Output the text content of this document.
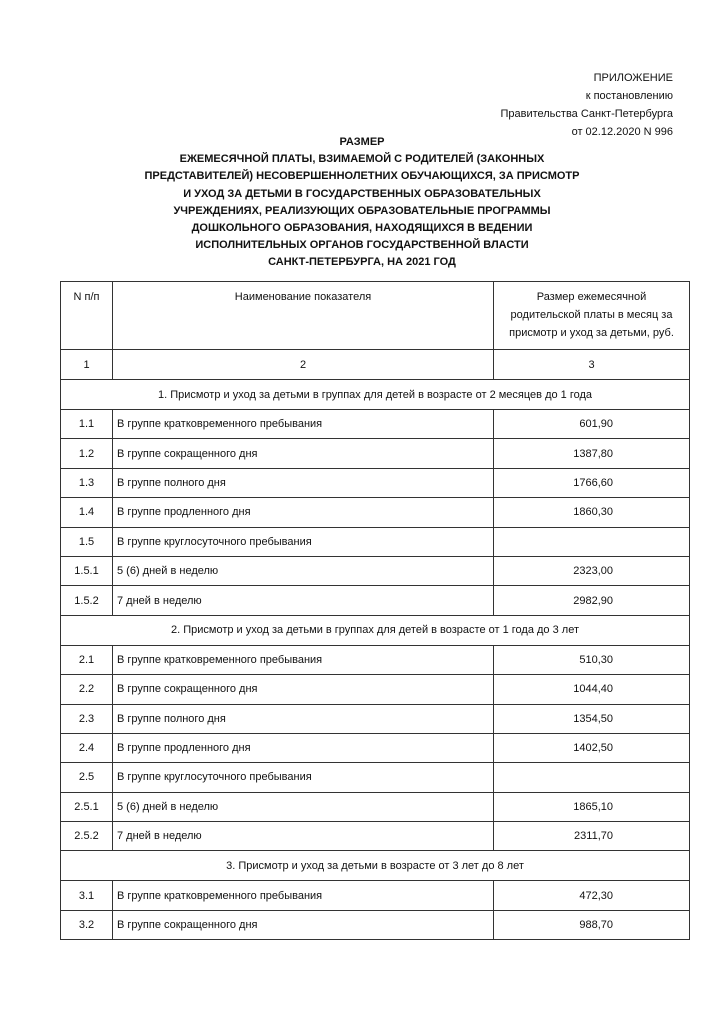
ПРИЛОЖЕНИЕ
к постановлению
Правительства Санкт-Петербурга
от 02.12.2020 N 996
РАЗМЕР
ЕЖЕМЕСЯЧНОЙ ПЛАТЫ, ВЗИМАЕМОЙ С РОДИТЕЛЕЙ (ЗАКОННЫХ
ПРЕДСТАВИТЕЛЕЙ) НЕСОВЕРШЕННОЛЕТНИХ ОБУЧАЮЩИХСЯ, ЗА ПРИСМОТР
И УХОД ЗА ДЕТЬМИ В ГОСУДАРСТВЕННЫХ ОБРАЗОВАТЕЛЬНЫХ
УЧРЕЖДЕНИЯХ, РЕАЛИЗУЮЩИХ ОБРАЗОВАТЕЛЬНЫЕ ПРОГРАММЫ
ДОШКОЛЬНОГО ОБРАЗОВАНИЯ, НАХОДЯЩИХСЯ В ВЕДЕНИИ
ИСПОЛНИТЕЛЬНЫХ ОРГАНОВ ГОСУДАРСТВЕННОЙ ВЛАСТИ
САНКТ-ПЕТЕРБУРГА, НА 2021 ГОД
N п/п	Наименование показателя	Размер ежемесячной
родительской платы в месяц за
присмотр и уход за детьми, руб.

1	2	3
1. Присмотр и уход за детьми в группах для детей в возрасте от 2 месяцев до 1 года		
1.1	В группе кратковременного пребывания	601,90
1.2	В группе сокращенного дня	1387,80
1.3	В группе полного дня	1766,60
1.4	В группе продленного дня	1860,30
1.5	В группе круглосуточного пребывания	
1.5.1	5 (6) дней в неделю	2323,00
1.5.2	7 дней в неделю	2982,90
2. Присмотр и уход за детьми в группах для детей в возрасте от 1 года до 3 лет		
2.1	В группе кратковременного пребывания	510,30
2.2	В группе сокращенного дня	1044,40
2.3	В группе полного дня	1354,50
2.4	В группе продленного дня	1402,50
2.5	В группе круглосуточного пребывания	
2.5.1	5 (6) дней в неделю	1865,10
2.5.2	7 дней в неделю	2311,70
3. Присмотр и уход за детьми в возрасте от 3 лет до 8 лет		
3.1	В группе кратковременного пребывания	472,30
3.2	В группе сокращенного дня	988,70
